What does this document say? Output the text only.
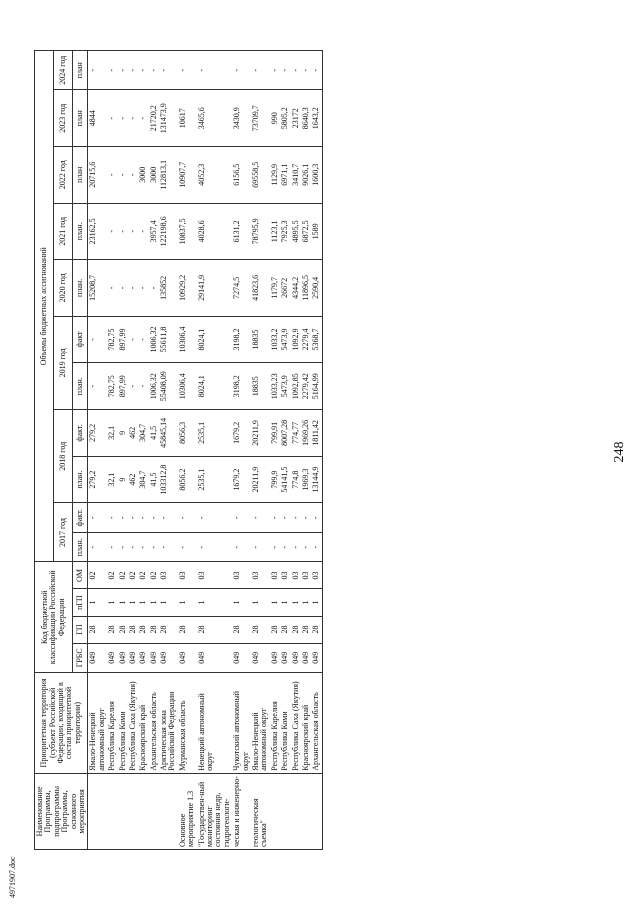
248
Наименование Программы, подпрограммы Программы, основного мероприятия	Приоритетная территория (субъект Российской Федерации, входящий в состав приоритетной территории)	Код бюджетной классификации Российской Федерации				Объемы бюджетных ассигнований										
						2017 год		2018 год		2019 год		2020 год	2021 год	2022 год	2023 год	2024 год
		ГРБС	ГП	пГП	ОМ	план.	факт.	план.	факт.	план.	факт	план.	план.	план	план	план
	Ямало-Ненецкий автономный округ	049	28	1	02	-	-	279,2	279,2	-	-	15208,7	23162,5	20715,6	4844	-
	Республика Карелия	049	28	1	02	-	-	32,1	32,1	782,75	782,75	-	-	-	-	-
	Республика Коми	049	28	1	02	-	-	9	9	897,99	897,99	-	-	-	-	-
	Республика Саха (Якутия)	049	28	1	02	-	-	462	462	-	-	-	-	-	-	-
	Красноярский край	049	28	1	02	-	-	304,7	304,7	-	-	-	-	3000	-	-
	Архангельская область	049	28	1	02	-	-	41,5	41,5	1006,32	1006,32	-	3957,4	3000	21720,2	-
	Арктическая зона Российской Федерации	049	28	1	03	-	-	103312,8	45845,14	55408,09	55611,8	135852	122198,6	112813,1	131473,9	-
Основное мероприятие 1.3	Мурманская область	049	28	1	03	-	-	8056,2	8056,3	10306,4	10306,4	10929,2	10837,5	10907,7	10617	-
"Государствен-ный мониторинг состояния недр, гидрогеологи-	Ненецкий автономный округ	049	28	1	03	-	-	2535,1	2535,1	8024,1	8024,1	29141,9	4028,6	4052,3	3465,6	-
ческая и инженерно-	Чукотский автономный округ	049	28	1	03	-	-	1679,2	1679,2	3198,2	3198,2	7274,5	6131,2	6156,5	3430,9	-
геологическая съемка"	Ямало-Ненецкий автономный округ	049	28	1	03	-	-	20211,9	20211,9	18835	18835	41823,6	78795,9	69558,5	73709,7	-
	Республика Карелия	049	28	1	03	-	-	799,9	799,91	1033,23	1033,2	1179,7	1123,1	1129,9	990	-
	Республика Коми	049	28	1	03	-	-	54141,5	8007,28	5473,9	5473,9	26672	7925,3	6971,1	5805,2	-
	Республика Саха (Якутия)	049	28	1	03	-	-	774,8	774,77	1092,85	1092,9	4344,2	4895,5	3410,7	23172	-
	Красноярский край	049	28	1	03	-	-	1969,3	1969,26	2279,42	2279,4	11896,5	6872,5	9026,1	8640,3	-
	Архангельская область	049	28	1	03	-	-	13144,9	1811,42	5164,99	5368,7	2590,4	1589	1600,3	1643,2	-
4971907.doc
